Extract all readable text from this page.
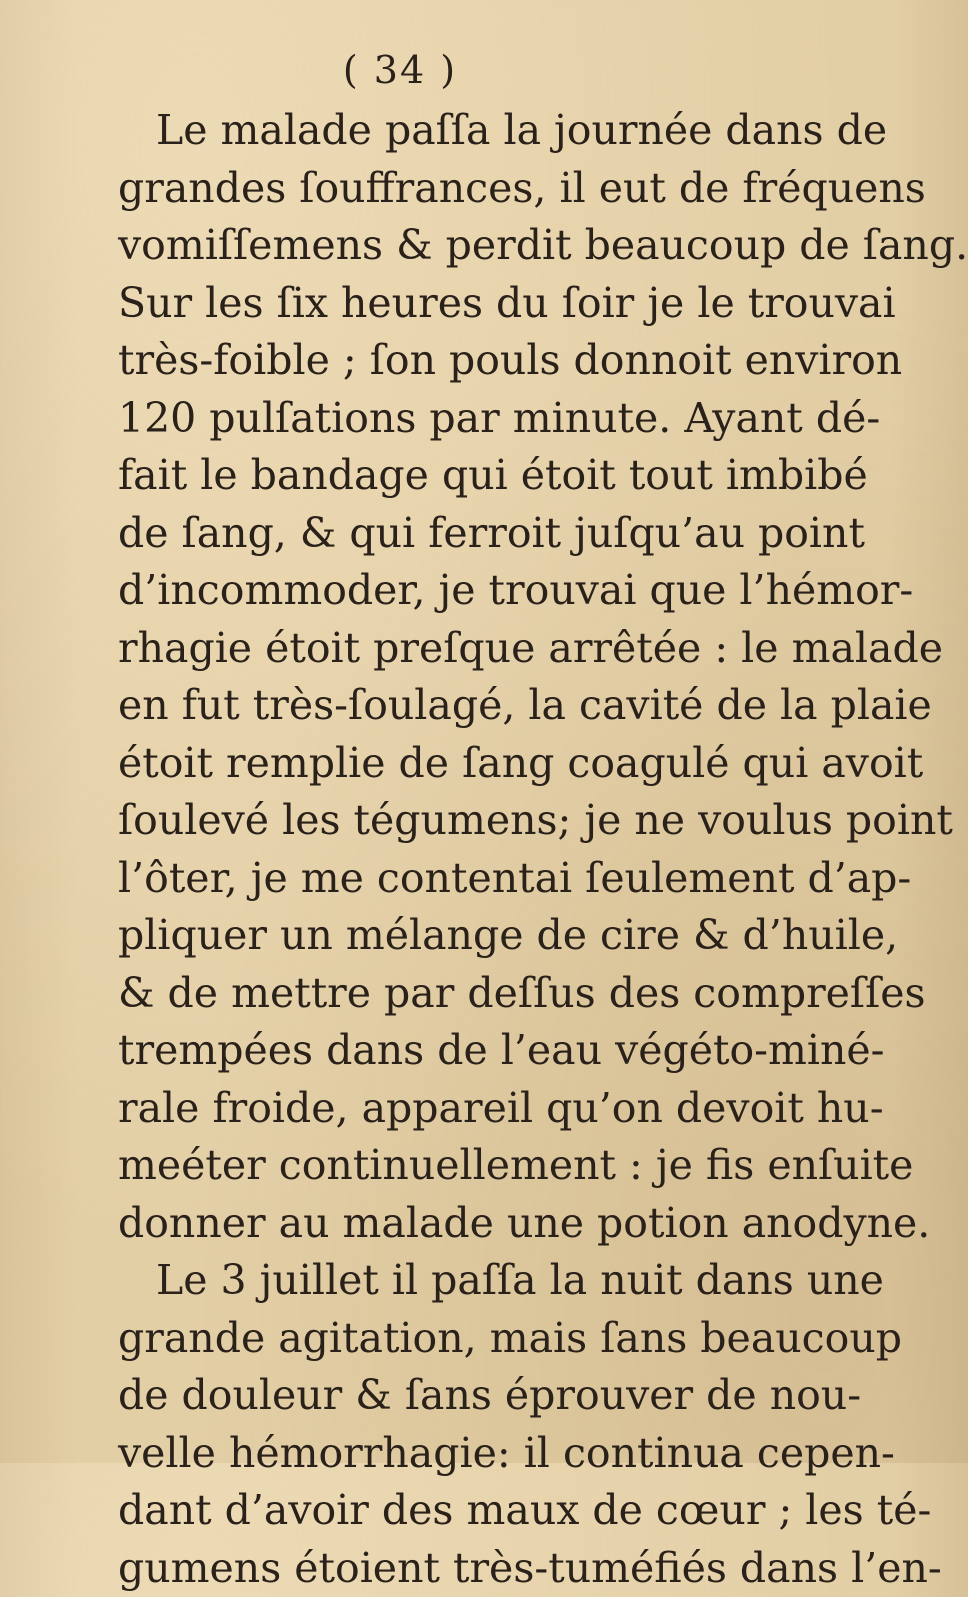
( 34 )
Le malade paſſa la journée dans de
grandes ſouffrances, il eut de fréquens
vomiſſemens & perdit beaucoup de ſang.
Sur les ſix heures du ſoir je le trouvai
très-foible ; ſon pouls donnoit environ
120 pulſations par minute. Ayant dé-
fait le bandage qui étoit tout imbibé
de ſang, & qui ferroit juſqu’au point
d’incommoder, je trouvai que l’hémor-
rhagie étoit preſque arrêtée : le malade
en fut très-ſoulagé, la cavité de la plaie
étoit remplie de ſang coagulé qui avoit
ſoulevé les tégumens; je ne voulus point
l’ôter, je me contentai ſeulement d’ap-
pliquer un mélange de cire & d’huile,
& de mettre par deſſus des compreſſes
trempées dans de l’eau végéto-miné-
rale froide, appareil qu’on devoit hu-
meéter continuellement : je fis enſuite
donner au malade une potion anodyne.
Le 3 juillet il paſſa la nuit dans une
grande agitation, mais ſans beaucoup
de douleur & ſans éprouver de nou-
velle hémorrhagie: il continua cepen-
dant d’avoir des maux de cœur ; les té-
gumens étoient très-tuméfiés dans l’en-
